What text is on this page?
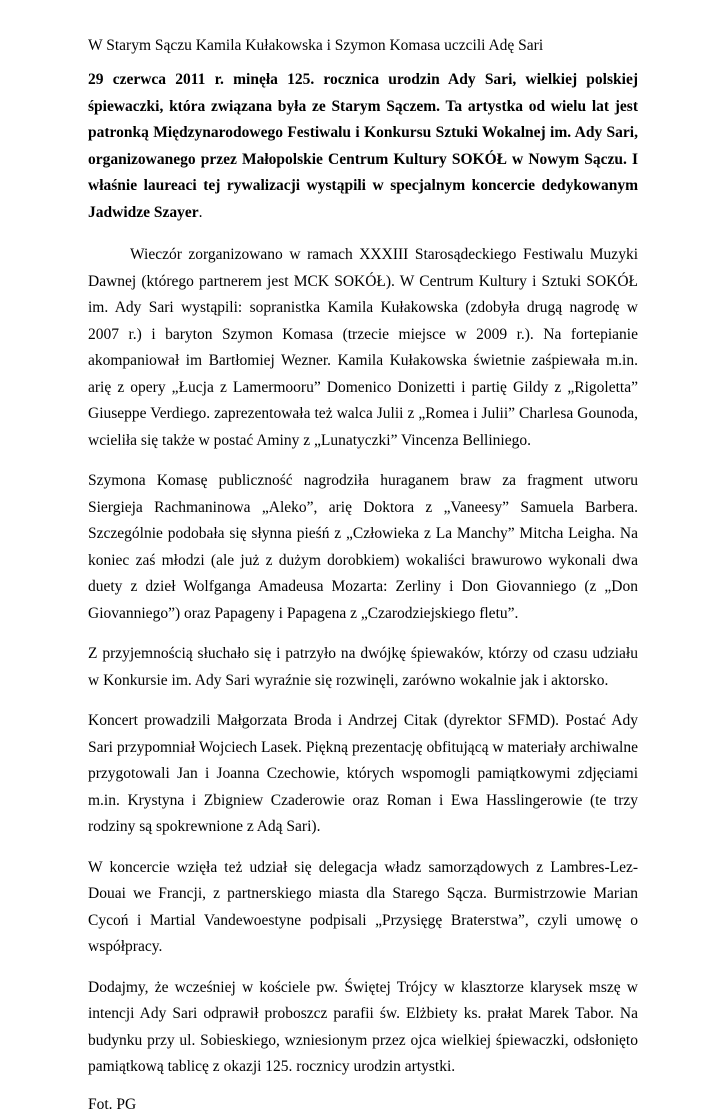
W Starym Sączu Kamila Kułakowska i Szymon Komasa uczcili Adę Sari

29 czerwca 2011 r. minęła 125. rocznica urodzin Ady Sari, wielkiej polskiej śpiewaczki, która związana była ze Starym Sączem. Ta artystka od wielu lat jest patronką Międzynarodowego Festiwalu i Konkursu Sztuki Wokalnej im. Ady Sari, organizowanego przez Małopolskie Centrum Kultury SOKÓŁ w Nowym Sączu. I właśnie laureaci tej rywalizacji wystąpili w specjalnym koncercie dedykowanym Jadwidze Szayer.

Wieczór zorganizowano w ramach XXXIII Starosądeckiego Festiwalu Muzyki Dawnej (którego partnerem jest MCK SOKÓŁ). W Centrum Kultury i Sztuki SOKÓŁ im. Ady Sari wystąpili: sopranistka Kamila Kułakowska (zdobyła drugą nagrodę w 2007 r.) i baryton Szymon Komasa (trzecie miejsce w 2009 r.). Na fortepianie akompaniował im Bartłomiej Wezner. Kamila Kułakowska świetnie zaśpiewała m.in. arię z opery „Łucja z Lamermooru” Domenico Donizetti i partię Gildy z „Rigoletta” Giuseppe Verdiego. zaprezentowała też walca Julii z „Romea i Julii” Charlesa Gounoda, wcieliła się także w postać Aminy z „Lunatyczki” Vincenza Belliniego.

Szymona Komasę publiczność nagrodziła huraganem braw za fragment utworu Siergieja Rachmaninowa „Aleko”, arię Doktora z „Vaneesy” Samuela Barbera. Szczególnie podobała się słynna pieśń z „Człowieka z La Manchy” Mitcha Leigha. Na koniec zaś młodzi (ale już z dużym dorobkiem) wokaliści brawurowo wykonali dwa duety z dzieł Wolfganga Amadeusa Mozarta: Zerliny i Don Giovanniego (z „Don Giovanniego”) oraz Papageny i Papagena z „Czarodziejskiego fletu”.

Z przyjemnością słuchało się i patrzyło na dwójkę śpiewaków, którzy od czasu udziału w Konkursie im. Ady Sari wyraźnie się rozwinęli, zarówno wokalnie jak i aktorsko.

Koncert prowadzili Małgorzata Broda i Andrzej Citak (dyrektor SFMD). Postać Ady Sari przypomniał Wojciech Lasek. Piękną prezentację obfitującą w materiały archiwalne przygotowali Jan i Joanna Czechowie, których wspomogli pamiątkowymi zdjęciami m.in. Krystyna i Zbigniew Czaderowie oraz Roman i Ewa Hasslingerowie (te trzy rodziny są spokrewnione z Adą Sari).

W koncercie wzięła też udział się delegacja władz samorządowych z Lambres-Lez-Douai we Francji, z partnerskiego miasta dla Starego Sącza. Burmistrzowie Marian Cycoń i Martial Vandewoestyne podpisali „Przysięgę Braterstwa”, czyli umowę o współpracy.

Dodajmy, że wcześniej w kościele pw. Świętej Trójcy w klasztorze klarysek mszę w intencji Ady Sari odprawił proboszcz parafii św. Elżbiety ks. prałat Marek Tabor. Na budynku przy ul. Sobieskiego, wzniesionym przez ojca wielkiej śpiewaczki, odsłonięto pamiątkową tablicę z okazji 125. rocznicy urodzin artystki.

Fot. PG
